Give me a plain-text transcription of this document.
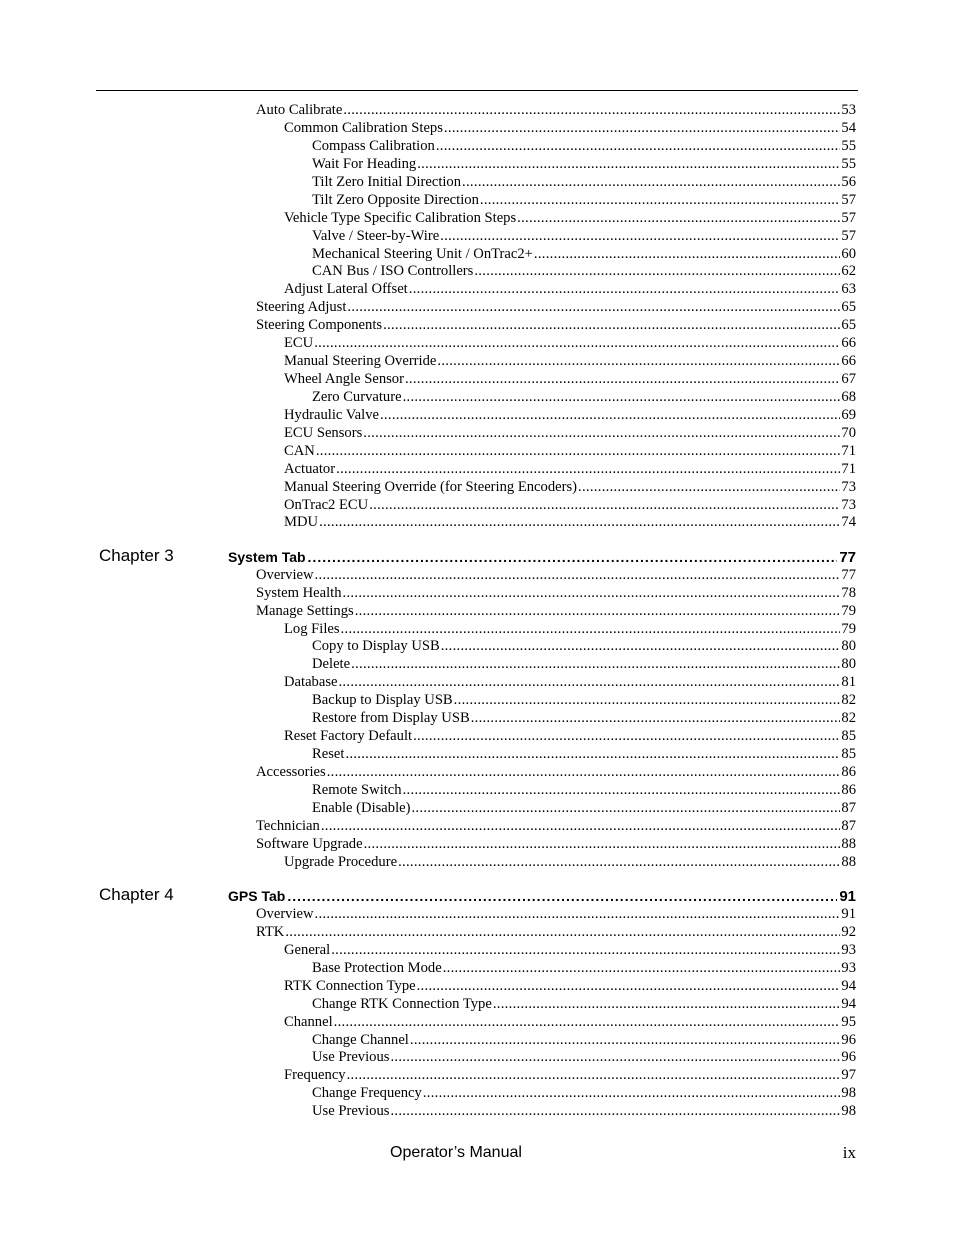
Auto Calibrate .....	53
Common Calibration Steps .....	54
Compass Calibration .....	55
Wait For Heading .....	55
Tilt Zero Initial Direction .....	56
Tilt Zero Opposite Direction .....	57
Vehicle Type Specific Calibration Steps .....	57
Valve / Steer-by-Wire .....	57
Mechanical Steering Unit / OnTrac2+ .....	60
CAN Bus / ISO Controllers .....	62
Adjust Lateral Offset .....	63
Steering Adjust .....	65
Steering Components .....	65
ECU .....	66
Manual Steering Override .....	66
Wheel Angle Sensor .....	67
Zero Curvature .....	68
Hydraulic Valve .....	69
ECU Sensors .....	70
CAN .....	71
Actuator .....	71
Manual Steering Override (for Steering Encoders) .....	73
OnTrac2 ECU .....	73
MDU .....	74
Chapter 3	System Tab .....	77
Overview .....	77
System Health .....	78
Manage Settings .....	79
Log Files .....	79
Copy to Display USB .....	80
Delete .....	80
Database .....	81
Backup to Display USB .....	82
Restore from Display USB .....	82
Reset Factory Default .....	85
Reset .....	85
Accessories .....	86
Remote Switch .....	86
Enable (Disable) .....	87
Technician .....	87
Software Upgrade .....	88
Upgrade Procedure .....	88
Chapter 4	GPS Tab .....	91
Overview .....	91
RTK .....	92
General .....	93
Base Protection Mode .....	93
RTK Connection Type .....	94
Change RTK Connection Type .....	94
Channel .....	95
Change Channel .....	96
Use Previous .....	96
Frequency .....	97
Change Frequency .....	98
Use Previous .....	98
Operator’s Manual	ix
